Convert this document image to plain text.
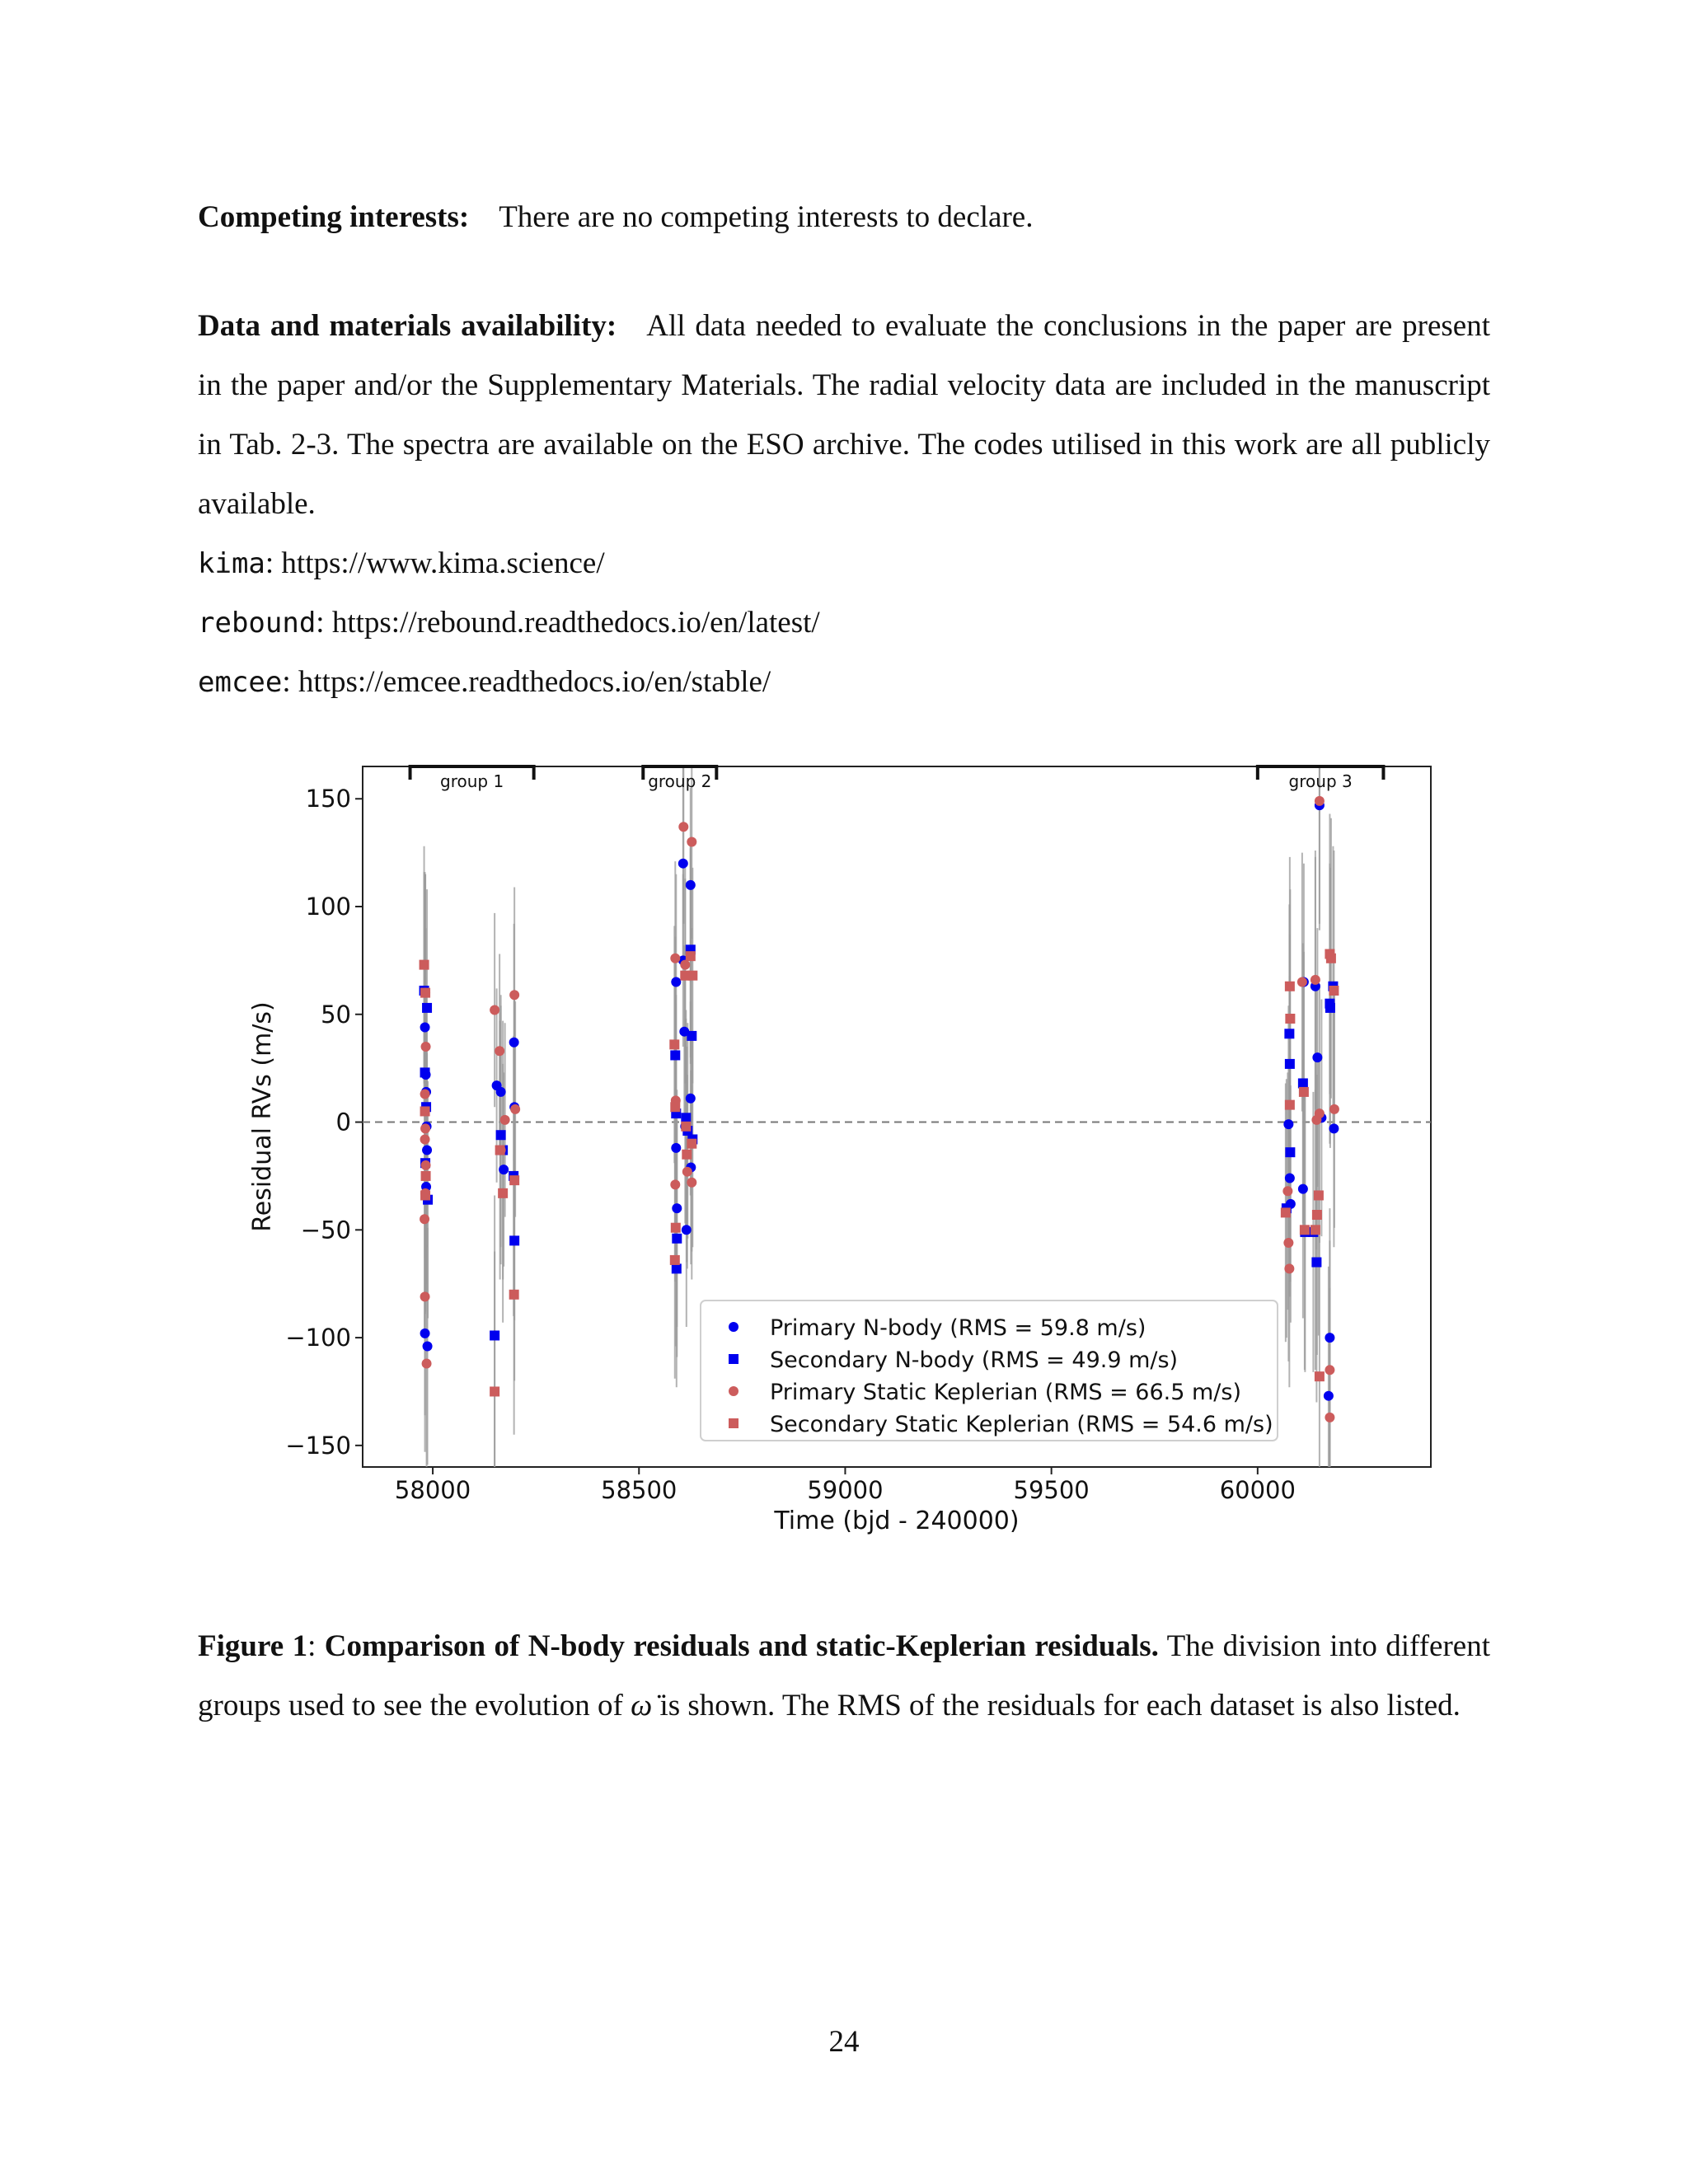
Competing interests: There are no competing interests to declare.
Data and materials availability: All data needed to evaluate the conclusions in the paper are present in the paper and/or the Supplementary Materials. The radial velocity data are included in the manuscript in Tab. 2-3. The spectra are available on the ESO archive. The codes utilised in this work are all publicly available.
kima: https://www.kima.science/
rebound: https://rebound.readthedocs.io/en/latest/
emcee: https://emcee.readthedocs.io/en/stable/
58000	58500	59000	59500	60000
−150
−100
−50
0
50
100
150
group 1	group 2	group 3
Primary N-body (RMS = 59.8 m/s)
Secondary N-body (RMS = 49.9 m/s)
Primary Static Keplerian (RMS = 66.5 m/s)
Secondary Static Keplerian (RMS = 54.6 m/s)
Time (bjd - 240000)
Residual RVs (m/s)
Figure 1: Comparison of N-body residuals and static-Keplerian residuals. The division into different groups used to see the evolution of ω̇ is shown. The RMS of the residuals for each dataset is also listed.
24
